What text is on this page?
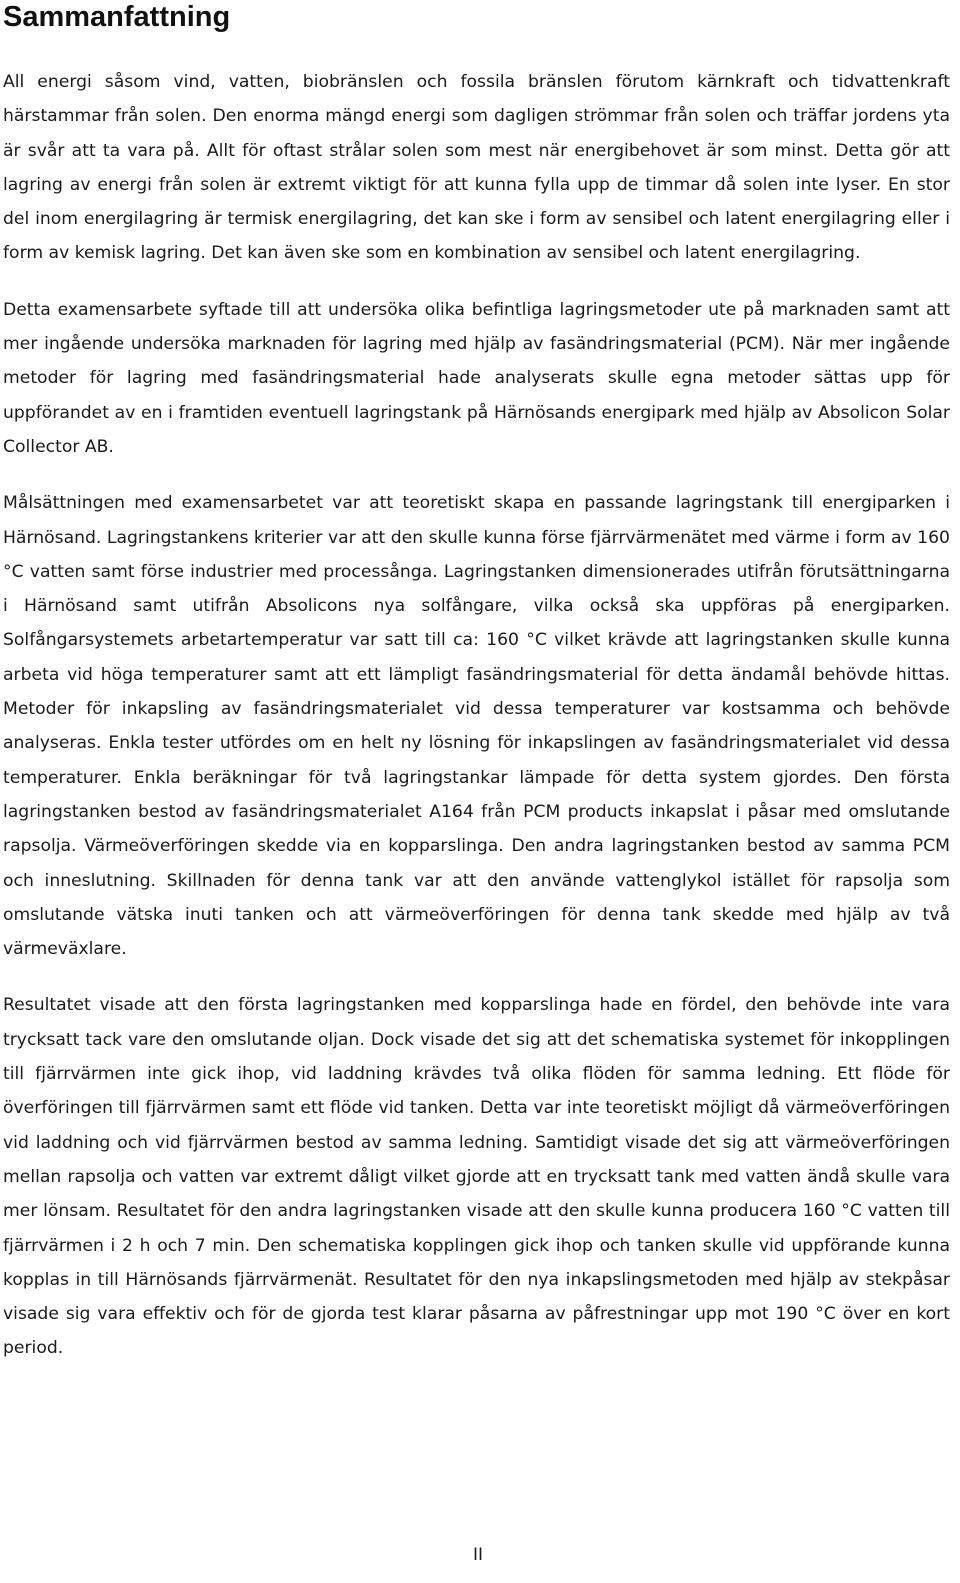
Sammanfattning

All energi såsom vind, vatten, biobränslen och fossila bränslen förutom kärnkraft och tidvattenkraft härstammar från solen. Den enorma mängd energi som dagligen strömmar från solen och träffar jordens yta är svår att ta vara på. Allt för oftast strålar solen som mest när energibehovet är som minst. Detta gör att lagring av energi från solen är extremt viktigt för att kunna fylla upp de timmar då solen inte lyser. En stor del inom energilagring är termisk energilagring, det kan ske i form av sensibel och latent energilagring eller i form av kemisk lagring. Det kan även ske som en kombination av sensibel och latent energilagring.

Detta examensarbete syftade till att undersöka olika befintliga lagringsmetoder ute på marknaden samt att mer ingående undersöka marknaden för lagring med hjälp av fasändringsmaterial (PCM). När mer ingående metoder för lagring med fasändringsmaterial hade analyserats skulle egna metoder sättas upp för uppförandet av en i framtiden eventuell lagringstank på Härnösands energipark med hjälp av Absolicon Solar Collector AB.

Målsättningen med examensarbetet var att teoretiskt skapa en passande lagringstank till energiparken i Härnösand. Lagringstankens kriterier var att den skulle kunna förse fjärrvärmenätet med värme i form av 160 °C vatten samt förse industrier med processånga. Lagringstanken dimensionerades utifrån förutsättningarna i Härnösand samt utifrån Absolicons nya solfångare, vilka också ska uppföras på energiparken. Solfångarsystemets arbetartemperatur var satt till ca: 160 °C vilket krävde att lagringstanken skulle kunna arbeta vid höga temperaturer samt att ett lämpligt fasändringsmaterial för detta ändamål behövde hittas. Metoder för inkapsling av fasändringsmaterialet vid dessa temperaturer var kostsamma och behövde analyseras. Enkla tester utfördes om en helt ny lösning för inkapslingen av fasändringsmaterialet vid dessa temperaturer. Enkla beräkningar för två lagringstankar lämpade för detta system gjordes. Den första lagringstanken bestod av fasändringsmaterialet A164 från PCM products inkapslat i påsar med omslutande rapsolja. Värmeöverföringen skedde via en kopparslinga. Den andra lagringstanken bestod av samma PCM och inneslutning. Skillnaden för denna tank var att den använde vattenglykol istället för rapsolja som omslutande vätska inuti tanken och att värmeöverföringen för denna tank skedde med hjälp av två värmeväxlare.

Resultatet visade att den första lagringstanken med kopparslinga hade en fördel, den behövde inte vara trycksatt tack vare den omslutande oljan. Dock visade det sig att det schematiska systemet för inkopplingen till fjärrvärmen inte gick ihop, vid laddning krävdes två olika flöden för samma ledning. Ett flöde för överföringen till fjärrvärmen samt ett flöde vid tanken. Detta var inte teoretiskt möjligt då värmeöverföringen vid laddning och vid fjärrvärmen bestod av samma ledning. Samtidigt visade det sig att värmeöverföringen mellan rapsolja och vatten var extremt dåligt vilket gjorde att en trycksatt tank med vatten ändå skulle vara mer lönsam. Resultatet för den andra lagringstanken visade att den skulle kunna producera 160 °C vatten till fjärrvärmen i 2 h och 7 min. Den schematiska kopplingen gick ihop och tanken skulle vid uppförande kunna kopplas in till Härnösands fjärrvärmenät. Resultatet för den nya inkapslingsmetoden med hjälp av stekpåsar visade sig vara effektiv och för de gjorda test klarar påsarna av påfrestningar upp mot 190 °C över en kort period.

II
